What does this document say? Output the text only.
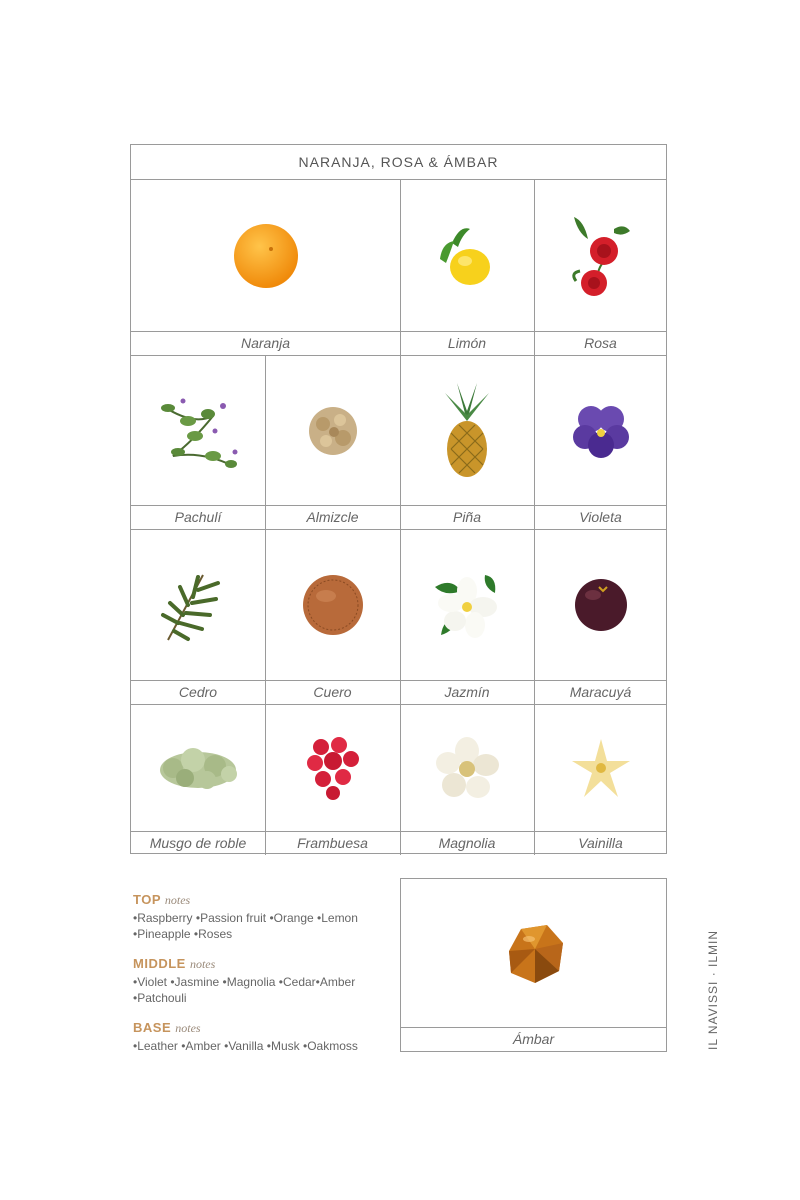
NARANJA, ROSA & ÁMBAR
Naranja	Limón	Rosa
Pachulí	Almizcle	Piña	Violeta
Cedro	Cuero	Jazmín	Maracuyá
Musgo de roble	Frambuesa	Magnolia	Vainilla
TOP notes
•Raspberry •Passion fruit •Orange •Lemon
•Pineapple •Roses
MIDDLE notes
•Violet •Jasmine •Magnolia •Cedar•Amber
•Patchouli
BASE notes
•Leather •Amber •Vanilla •Musk •Oakmoss	Ámbar	IL NAVISSI · ILMIN
